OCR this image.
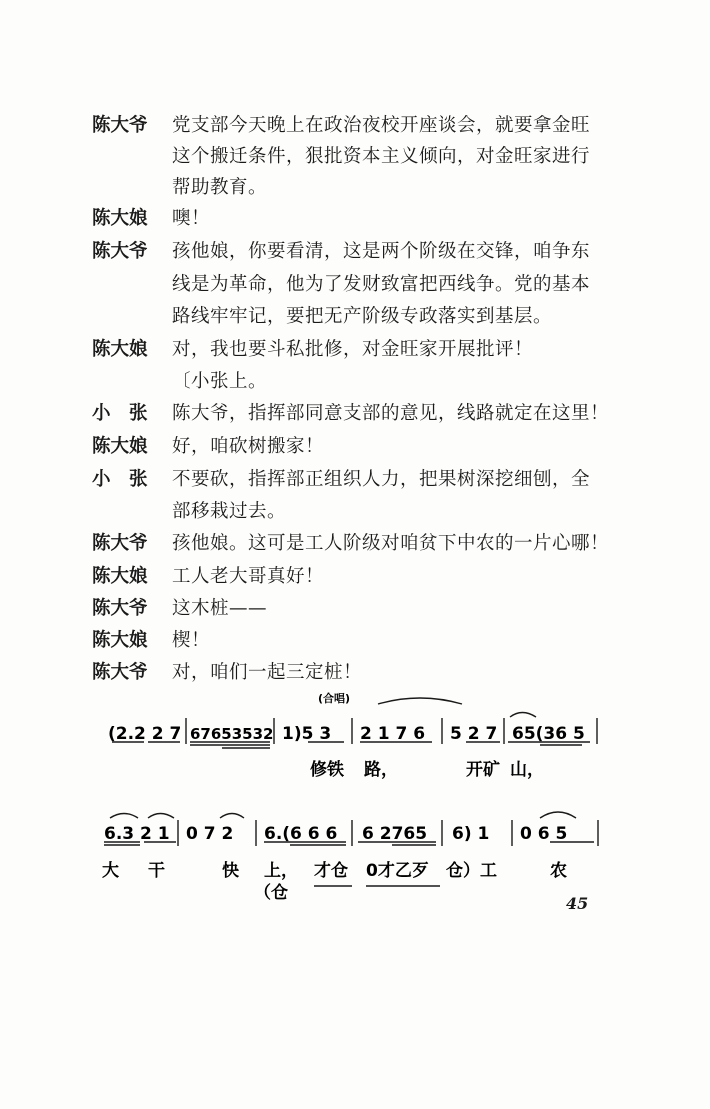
陈大爷	党支部今天晚上在政治夜校开座谈会，就要拿金旺
这个搬迁条件，狠批资本主义倾向，对金旺家进行
帮助教育。
陈大娘	噢！
陈大爷	孩他娘，你要看清，这是两个阶级在交锋，咱争东
线是为革命，他为了发财致富把西线争。党的基本
路线牢牢记，要把无产阶级专政落实到基层。
陈大娘	对，我也要斗私批修，对金旺家开展批评！
〔小张上。
小　张	陈大爷，指挥部同意支部的意见，线路就定在这里！
陈大娘	好，咱砍树搬家！
小　张	不要砍，指挥部正组织人力，把果树深挖细刨，全
部移栽过去。
陈大爷	孩他娘。这可是工人阶级对咱贫下中农的一片心哪！
陈大娘	工人老大哥真好！
陈大爷	这木桩——
陈大娘	楔！
陈大爷	对，咱们一起三定桩！
(合唱)
(2.2 2 7 67653532 1)5 3 2 1 7 6 5 2 7 65(36 5
修铁 路，	开矿 山，
6.3 2 1 0 7 2 6.(6 6 6 6 2765 6) 1 0 6 5
大 干	快 上， 才仓 0才乙歹 仓）工	农
（仓
45
